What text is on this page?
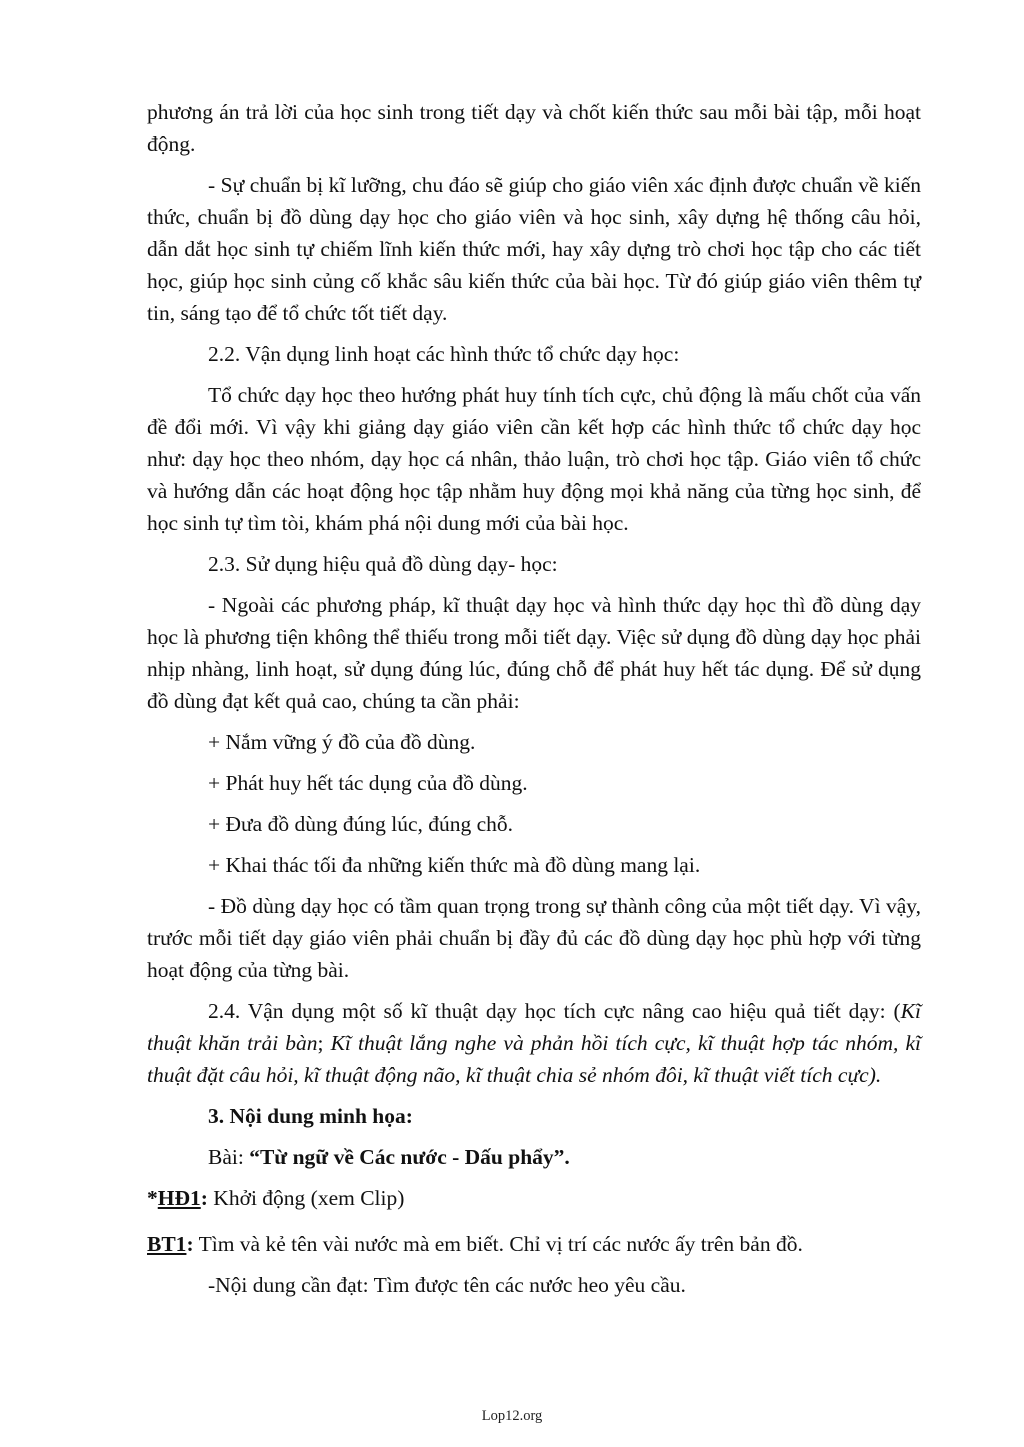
phương án trả lời của học sinh trong tiết dạy và chốt kiến thức sau mỗi bài tập, mỗi hoạt động.

- Sự chuẩn bị kĩ lưỡng, chu đáo sẽ giúp cho giáo viên xác định được chuẩn về kiến thức, chuẩn bị đồ dùng dạy học cho giáo viên và học sinh, xây dựng hệ thống câu hỏi, dẫn dắt học sinh tự chiếm lĩnh kiến thức mới, hay xây dựng trò chơi học tập cho các tiết học, giúp học sinh củng cố khắc sâu kiến thức của bài học. Từ đó giúp giáo viên thêm tự tin, sáng tạo để tổ chức tốt tiết dạy.

2.2. Vận dụng linh hoạt các hình thức tổ chức dạy học:

Tổ chức dạy học theo hướng phát huy tính tích cực, chủ động là mấu chốt của vấn đề đổi mới. Vì vậy khi giảng dạy giáo viên cần kết hợp các hình thức tổ chức dạy học như: dạy học theo nhóm, dạy học cá nhân, thảo luận, trò chơi học tập. Giáo viên tổ chức và hướng dẫn các hoạt động học tập nhằm huy động mọi khả năng của từng học sinh, để học sinh tự tìm tòi, khám phá nội dung mới của bài học.

2.3. Sử dụng hiệu quả đồ dùng dạy- học:

- Ngoài các phương pháp, kĩ thuật dạy học và hình thức dạy học thì đồ dùng dạy học là phương tiện không thể thiếu trong mỗi tiết dạy. Việc sử dụng đồ dùng dạy học phải nhịp nhàng, linh hoạt, sử dụng đúng lúc, đúng chỗ để phát huy hết tác dụng. Để sử dụng đồ dùng đạt kết quả cao, chúng ta cần phải:

+ Nắm vững ý đồ của đồ dùng.

+ Phát huy hết tác dụng của đồ dùng.

+ Đưa đồ dùng đúng lúc, đúng chỗ.

+ Khai thác tối đa những kiến thức mà đồ dùng mang lại.

- Đồ dùng dạy học có tầm quan trọng trong sự thành công của một tiết dạy. Vì vậy, trước mỗi tiết dạy giáo viên phải chuẩn bị đầy đủ các đồ dùng dạy học phù hợp với từng hoạt động của từng bài.

2.4. Vận dụng một số kĩ thuật dạy học tích cực nâng cao hiệu quả tiết dạy: (Kĩ thuật khăn trải bàn; Kĩ thuật lắng nghe và phản hồi tích cực, kĩ thuật hợp tác nhóm, kĩ thuật đặt câu hỏi, kĩ thuật động não, kĩ thuật chia sẻ nhóm đôi, kĩ thuật viết tích cực).

3. Nội dung minh họa:

Bài: “Từ ngữ về Các nước - Dấu phẩy”.

*HĐ1: Khởi động (xem Clip)

BT1: Tìm và kẻ tên vài nước mà em biết. Chỉ vị trí các nước ấy trên bản đồ.

-Nội dung cần đạt: Tìm được tên các nước heo yêu cầu.

Lop12.org
